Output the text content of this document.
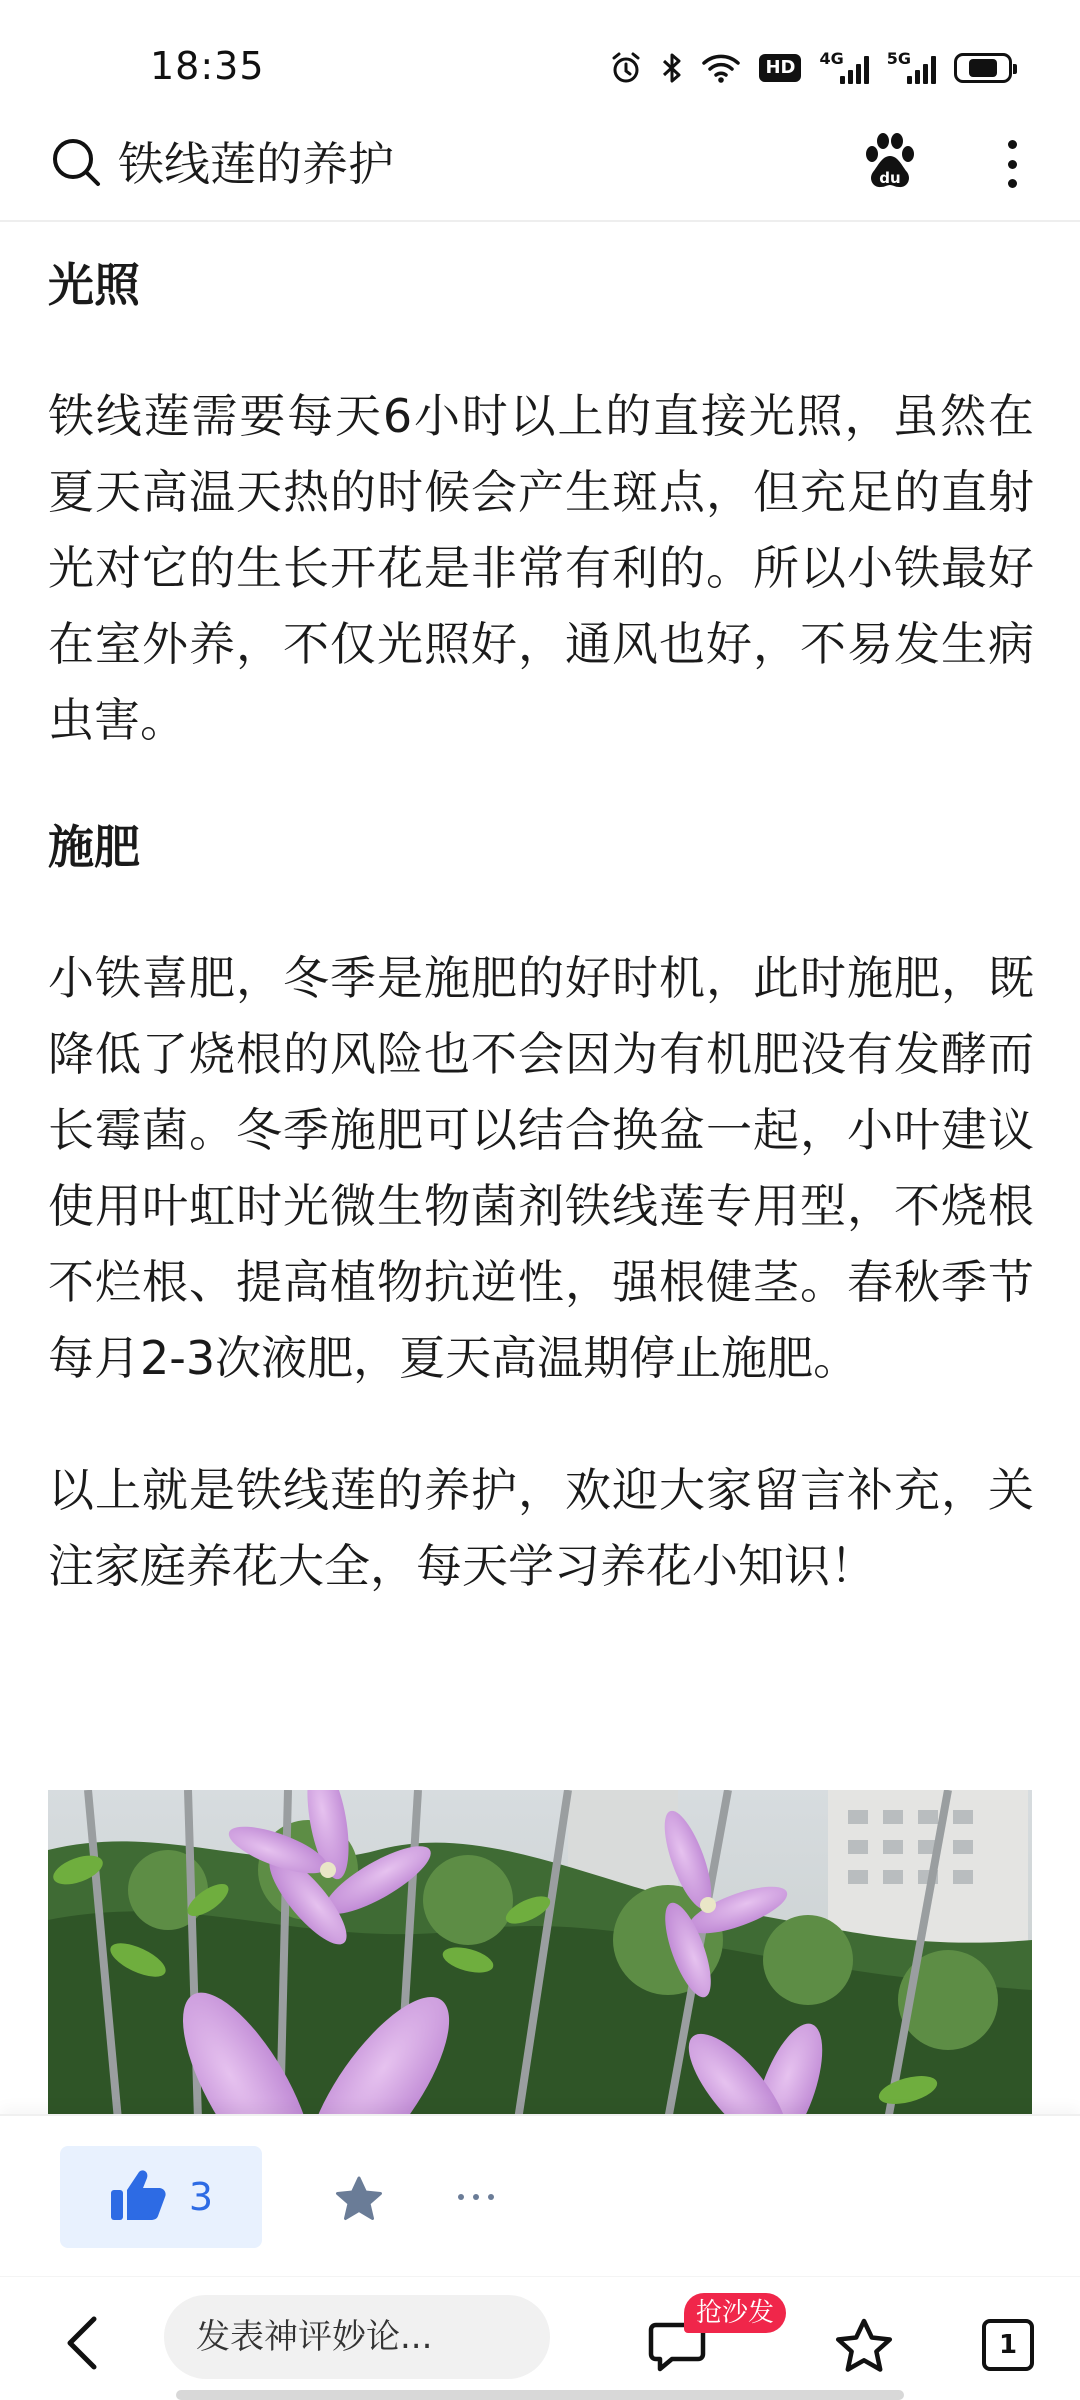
18:35	HD	4G	5G
铁线莲的养护	du
光照

铁线莲需要每天6小时以上的直接光照，虽然在夏天高温天热的时候会产生斑点，但充足的直射光对它的生长开花是非常有利的。所以小铁最好在室外养，不仅光照好，通风也好，不易发生病虫害。

施肥

小铁喜肥，冬季是施肥的好时机，此时施肥，既降低了烧根的风险也不会因为有机肥没有发酵而长霉菌。冬季施肥可以结合换盆一起，小叶建议使用叶虹时光微生物菌剂铁线莲专用型，不烧根不烂根、提高植物抗逆性，强根健茎。春秋季节每月2-3次液肥，夏天高温期停止施肥。

以上就是铁线莲的养护，欢迎大家留言补充，关注家庭养花大全，每天学习养花小知识！

3
发表神评妙论...
抢沙发
1
